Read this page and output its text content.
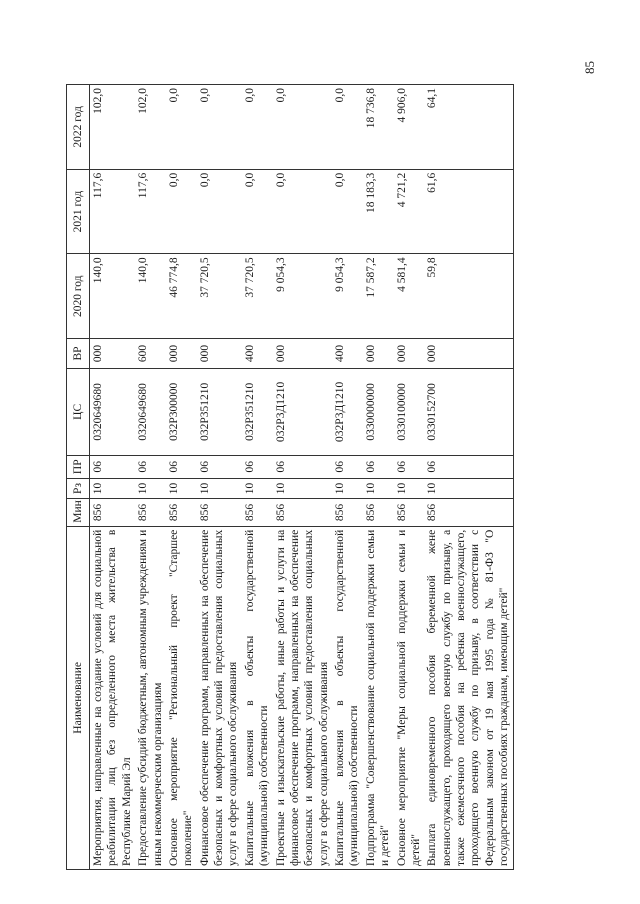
85
Наименование	Мин	Рз	ПР	ЦС	ВР	2020 год	2021 год	2022 год
Мероприятия, направленные на создание условий для социальной реабилитации лиц без определенного места жительства в Республике Марий Эл	856	10	06	0320649680	000	140,0	117,6	102,0
Предоставление субсидий бюджетным, автономным учреждениям и иным некоммерческим организациям	856	10	06	0320649680	600	140,0	117,6	102,0
Основное мероприятие "Региональный проект "Старшее поколение"	856	10	06	032P300000	000	46 774,8	0,0	0,0
Финансовое обеспечение программ, направленных на обеспечение безопасных и комфортных условий предоставления социальных услуг в сфере социального обслуживания	856	10	06	032P351210	000	37 720,5	0,0	0,0
Капитальные вложения в объекты государственной (муниципальной) собственности	856	10	06	032P351210	400	37 720,5	0,0	0,0
Проектные и изыскательские работы, иные работы и услуги на финансовое обеспечение программ, направленных на обеспечение безопасных и комфортных условий предоставления социальных услуг в сфере социального обслуживания	856	10	06	032P3Д1210	000	9 054,3	0,0	0,0
Капитальные вложения в объекты государственной (муниципальной) собственности	856	10	06	032P3Д1210	400	9 054,3	0,0	0,0
Подпрограмма "Совершенствование социальной поддержки семьи и детей"	856	10	06	0330000000	000	17 587,2	18 183,3	18 736,8
Основное мероприятие "Меры социальной поддержки семьи и детей"	856	10	06	0330100000	000	4 581,4	4 721,2	4 906,0
Выплата единовременного пособия беременной жене военнослужащего, проходящего военную службу по призыву, а также ежемесячного пособия на ребенка военнослужащего, проходящего военную службу по призыву, в соответствии с Федеральным законом от 19 мая 1995 года № 81-ФЗ "О государственных пособиях гражданам, имеющим детей"	856	10	06	0330152700	000	59,8	61,6	64,1
